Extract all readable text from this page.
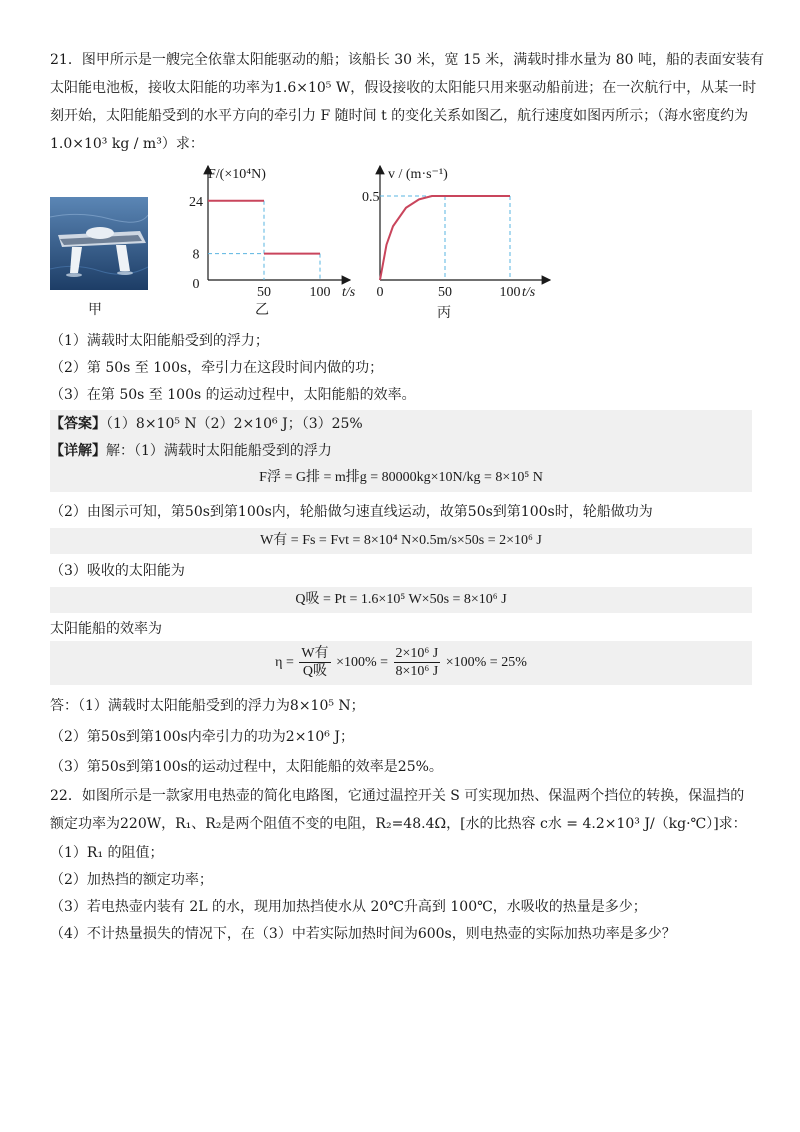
21．图甲所示是一艘完全依靠太阳能驱动的船；该船长 30 米，宽 15 米，满载时排水量为 80 吨，船的表面安装有
太阳能电池板，接收太阳能的功率为1.6×10⁵ W，假设接收的太阳能只用来驱动船前进；在一次航行中，从某一时
刻开始，太阳能船受到的水平方向的牵引力 F 随时间 t 的变化关系如图乙，航行速度如图丙所示；（海水密度约为
1.0×10³ kg / m³）求：
甲
F/(×10⁴N)
t/s
24
8
0
50	100
乙
v / (m·s⁻¹)
t/s
0.5
0	50	100
丙
（1）满载时太阳能船受到的浮力；
（2）第 50s 至 100s，牵引力在这段时间内做的功；
（3）在第 50s 至 100s 的运动过程中，太阳能船的效率。
【答案】（1）8×10⁵ N（2）2×10⁶ J；（3）25%
【详解】解：（1）满载时太阳能船受到的浮力
F浮 = G排 = m排g = 80000kg×10N/kg = 8×10⁵ N
（2）由图示可知，第50s到第100s内，轮船做匀速直线运动，故第50s到第100s时，轮船做功为
W有 = Fs = Fvt = 8×10⁴ N×0.5m/s×50s = 2×10⁶ J
（3）吸收的太阳能为
Q吸 = Pt = 1.6×10⁵ W×50s = 8×10⁶ J
太阳能船的效率为
$\eta = \frac{\text{W有}}{\text{Q吸}} \times 100\% = \frac{\text{2×10⁶ J}}{\text{8×10⁶ J}} \times 100\% = 25\%$
答：（1）满载时太阳能船受到的浮力为8×10⁵ N；
（2）第50s到第100s内牵引力的功为2×10⁶ J；
（3）第50s到第100s的运动过程中，太阳能船的效率是25%。
22．如图所示是一款家用电热壶的简化电路图，它通过温控开关 S 可实现加热、保温两个挡位的转换，保温挡的
额定功率为220W，R₁、R₂是两个阻值不变的电阻，R₂=48.4Ω，[水的比热容 c水 = 4.2×10³ J/（kg·℃）]求：
（1）R₁ 的阻值；
（2）加热挡的额定功率；
（3）若电热壶内装有 2L 的水，现用加热挡使水从 20℃升高到 100℃，水吸收的热量是多少；
（4）不计热量损失的情况下，在（3）中若实际加热时间为600s，则电热壶的实际加热功率是多少？
